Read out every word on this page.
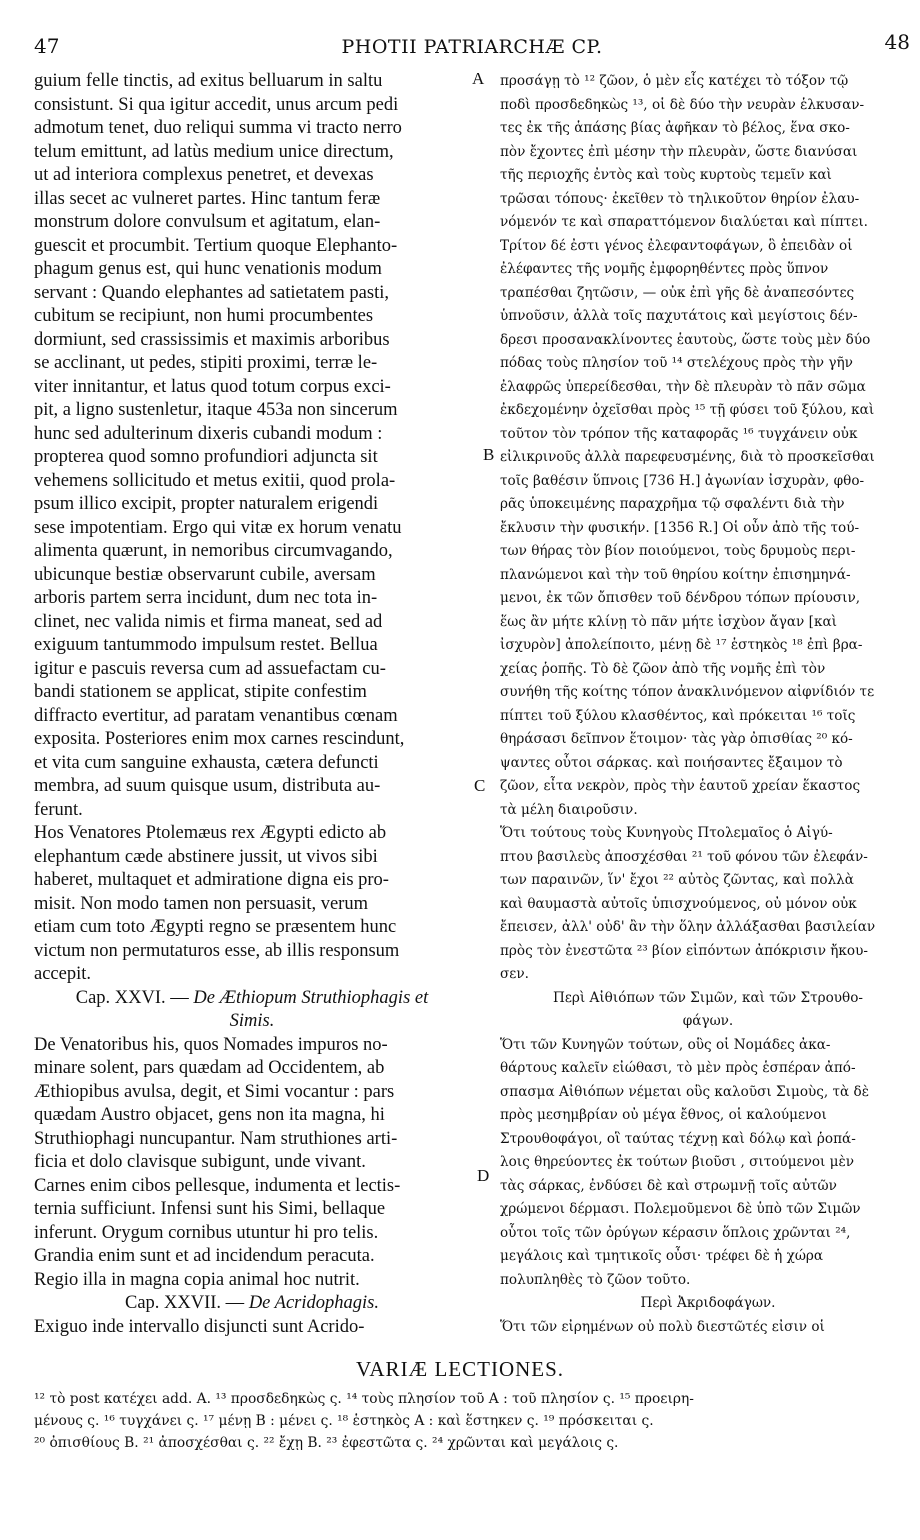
47	PHOTII PATRIARCHÆ CP.	48
guium felle tinctis, ad exitus belluarum in saltu
consistunt. Si qua igitur accedit, unus arcum pedi
admotum tenet, duo reliqui summa vi tracto nerro
telum emittunt, ad latùs medium unice directum,
ut ad interiora complexus penetret, et devexas
illas secet ac vulneret partes. Hinc tantum feræ
monstrum dolore convulsum et agitatum, elan-
guescit et procumbit. Tertium quoque Elephanto-
phagum genus est, qui hunc venationis modum
servant : Quando elephantes ad satietatem pasti,
cubitum se recipiunt, non humi procumbentes
dormiunt, sed crassissimis et maximis arboribus
se acclinant, ut pedes, stipiti proximi, terræ le-
viter innitantur, et latus quod totum corpus exci-
pit, a ligno sustenletur, itaque 453a non sincerum
hunc sed adulterinum dixeris cubandi modum :
propterea quod somno profundiori adjuncta sit
vehemens sollicitudo et metus exitii, quod prola-
psum illico excipit, propter naturalem erigendi
sese impotentiam. Ergo qui vitæ ex horum venatu
alimenta quærunt, in nemoribus circumvagando,
ubicunque bestiæ observarunt cubile, aversam
arboris partem serra incidunt, dum nec tota in-
clinet, nec valida nimis et firma maneat, sed ad
exiguum tantummodo impulsum restet. Bellua
igitur e pascuis reversa cum ad assuefactam cu-
bandi stationem se applicat, stipite confestim
diffracto evertitur, ad paratam venantibus cœnam
exposita. Posteriores enim mox carnes rescindunt,
et vita cum sanguine exhausta, cætera defuncti
membra, ad suum quisque usum, distributa au-
ferunt.
Hos Venatores Ptolemæus rex Ægypti edicto ab
elephantum cæde abstinere jussit, ut vivos sibi
haberet, multaquet et admiratione digna eis pro-
misit. Non modo tamen non persuasit, verum
etiam cum toto Ægypti regno se præsentem hunc
victum non permutaturos esse, ab illis responsum
accepit.
Cap. XXVI. — De Æthiopum Struthiophagis et
Simis.
De Venatoribus his, quos Nomades impuros no-
minare solent, pars quædam ad Occidentem, ab
Æthiopibus avulsa, degit, et Simi vocantur : pars
quædam Austro objacet, gens non ita magna, hi
Struthiophagi nuncupantur. Nam struthiones arti-
ficia et dolo clavisque subigunt, unde vivant.
Carnes enim cibos pellesque, indumenta et lectis-
ternia sufficiunt. Infensi sunt his Simi, bellaque
inferunt. Orygum cornibus utuntur hi pro telis.
Grandia enim sunt et ad incidendum peracuta.
Regio illa in magna copia animal hoc nutrit.
Cap. XXVII. — De Acridophagis.
Exiguo inde intervallo disjuncti sunt Acrido-
προσάγῃ τὸ ¹² ζῶον, ὁ μὲν εἷς κατέχει τὸ τόξον τῷ
ποδὶ προσδεδηκὼς ¹³, οἱ δὲ δύο τὴν νευρὰν ἑλκυσαν-
τες ἐκ τῆς ἁπάσης βίας ἀφῆκαν τὸ βέλος, ἕνα σκο-
πὸν ἔχοντες ἐπὶ μέσην τὴν πλευρὰν, ὥστε διανύσαι
τῆς περιοχῆς ἐντὸς καὶ τοὺς κυρτοὺς τεμεῖν καὶ
τρῶσαι τόπους· ἐκεῖθεν τὸ τηλικοῦτον θηρίον ἐλαυ-
νόμενόν τε καὶ σπαραττόμενον διαλύεται καὶ πίπτει.
Τρίτον δέ ἐστι γένος ἐλεφαντοφάγων, ὃ ἐπειδὰν οἱ
ἐλέφαντες τῆς νομῆς ἐμφορηθέντες πρὸς ὕπνον
τραπέσθαι ζητῶσιν, — οὐκ ἐπὶ γῆς δὲ ἀναπεσόντες
ὑπνοῦσιν, ἀλλὰ τοῖς παχυτάτοις καὶ μεγίστοις δέν-
δρεσι προσανακλίνοντες ἑαυτοὺς, ὥστε τοὺς μὲν δύο
πόδας τοὺς πλησίον τοῦ ¹⁴ στελέχους πρὸς τὴν γῆν
ἐλαφρῶς ὑπερείδεσθαι, τὴν δὲ πλευρὰν τὸ πᾶν σῶμα
ἐκδεχομένην ὀχεῖσθαι πρὸς ¹⁵ τῇ φύσει τοῦ ξύλου, καὶ
τοῦτον τὸν τρόπον τῆς καταφορᾶς ¹⁶ τυγχάνειν οὐκ
εἰλικρινοῦς ἀλλὰ παρεφευσμένης, διὰ τὸ προσκεῖσθαι
τοῖς βαθέσιν ὕπνοις [736 H.] ἀγωνίαν ἰσχυρὰν, φθο-
ρᾶς ὑποκειμένης παραχρῆμα τῷ σφαλέντι διὰ τὴν
ἔκλυσιν τὴν φυσικήν. [1356 R.] Οἱ οὖν ἀπὸ τῆς τού-
των θήρας τὸν βίον ποιούμενοι, τοὺς δρυμοὺς περι-
πλανώμενοι καὶ τὴν τοῦ θηρίου κοίτην ἐπισημηνά-
μενοι, ἐκ τῶν ὄπισθεν τοῦ δένδρου τόπων πρίουσιν,
ἕως ἂν μήτε κλίνῃ τὸ πᾶν μήτε ἰσχὺον ἄγαν [καὶ
ἰσχυρὸν] ἀπολείποιτο, μένῃ δὲ ¹⁷ ἑστηκὸς ¹⁸ ἐπὶ βρα-
χείας ῥοπῆς. Τὸ δὲ ζῶον ἀπὸ τῆς νομῆς ἐπὶ τὸν
συνήθη τῆς κοίτης τόπον ἀνακλινόμενον αἰφνίδιόν τε
πίπτει τοῦ ξύλου κλασθέντος, καὶ πρόκειται ¹⁶ τοῖς
θηράσασι δεῖπνον ἕτοιμον· τὰς γὰρ ὀπισθίας ²⁰ κό-
ψαντες οὗτοι σάρκας. καὶ ποιήσαντες ἔξαιμον τὸ
ζῶον, εἶτα νεκρὸν, πρὸς τὴν ἑαυτοῦ χρείαν ἕκαστος
τὰ μέλη διαιροῦσιν.
Ὅτι τούτους τοὺς Κυνηγοὺς Πτολεμαῖος ὁ Αἰγύ-
πτου βασιλεὺς ἀποσχέσθαι ²¹ τοῦ φόνου τῶν ἐλεφάν-
των παραινῶν, ἵν' ἔχοι ²² αὐτὸς ζῶντας, καὶ πολλὰ
καὶ θαυμαστὰ αὐτοῖς ὑπισχνούμενος, οὐ μόνον οὐκ
ἔπεισεν, ἀλλ' οὐδ' ἂν τὴν ὅλην ἀλλάξασθαι βασιλείαν
πρὸς τὸν ἐνεστῶτα ²³ βίον εἰπόντων ἀπόκρισιν ἤκου-
σεν.
Περὶ Αἰθιόπων τῶν Σιμῶν, καὶ τῶν Στρουθο-
φάγων.
Ὅτι τῶν Κυνηγῶν τούτων, οὓς οἱ Νομάδες ἀκα-
θάρτους καλεῖν εἰώθασι, τὸ μὲν πρὸς ἑσπέραν ἀπό-
σπασμα Αἰθιόπων νέμεται οὓς καλοῦσι Σιμοὺς, τὰ δὲ
πρὸς μεσημβρίαν οὐ μέγα ἔθνος, οἱ καλούμενοι
Στρουθοφάγοι, οἳ ταύτας τέχνῃ καὶ δόλῳ καὶ ῥοπά-
λοις θηρεύοντες ἐκ τούτων βιοῦσι , σιτούμενοι μὲν
τὰς σάρκας, ἐνδύσει δὲ καὶ στρωμνῇ τοῖς αὐτῶν
χρώμενοι δέρμασι. Πολεμοῦμενοι δὲ ὑπὸ τῶν Σιμῶν
οὗτοι τοῖς τῶν ὀρύγων κέρασιν ὅπλοις χρῶνται ²⁴,
μεγάλοις καὶ τμητικοῖς οὖσι· τρέφει δὲ ἡ χώρα
πολυπληθὲς τὸ ζῶον τοῦτο.
Περὶ Ἀκριδοφάγων.
Ὅτι τῶν εἰρημένων οὐ πολὺ διεστῶτές εἰσιν οἱ
A
B
C
D
VARIÆ LECTIONES.
¹² τὸ post κατέχει add. A. ¹³ προσδεδηκὼς ς. ¹⁴ τοὺς πλησίον τοῦ A : τοῦ πλησίον ς. ¹⁵ προειρη-
μένους ς. ¹⁶ τυγχάνει ς. ¹⁷ μένῃ B : μένει ς. ¹⁸ ἑστηκὸς A : καὶ ἕστηκεν ς. ¹⁹ πρόσκειται ς.
²⁰ ὀπισθίους B. ²¹ ἀποσχέσθαι ς. ²² ἔχῃ B. ²³ ἐφεστῶτα ς. ²⁴ χρῶνται καὶ μεγάλοις ς.
